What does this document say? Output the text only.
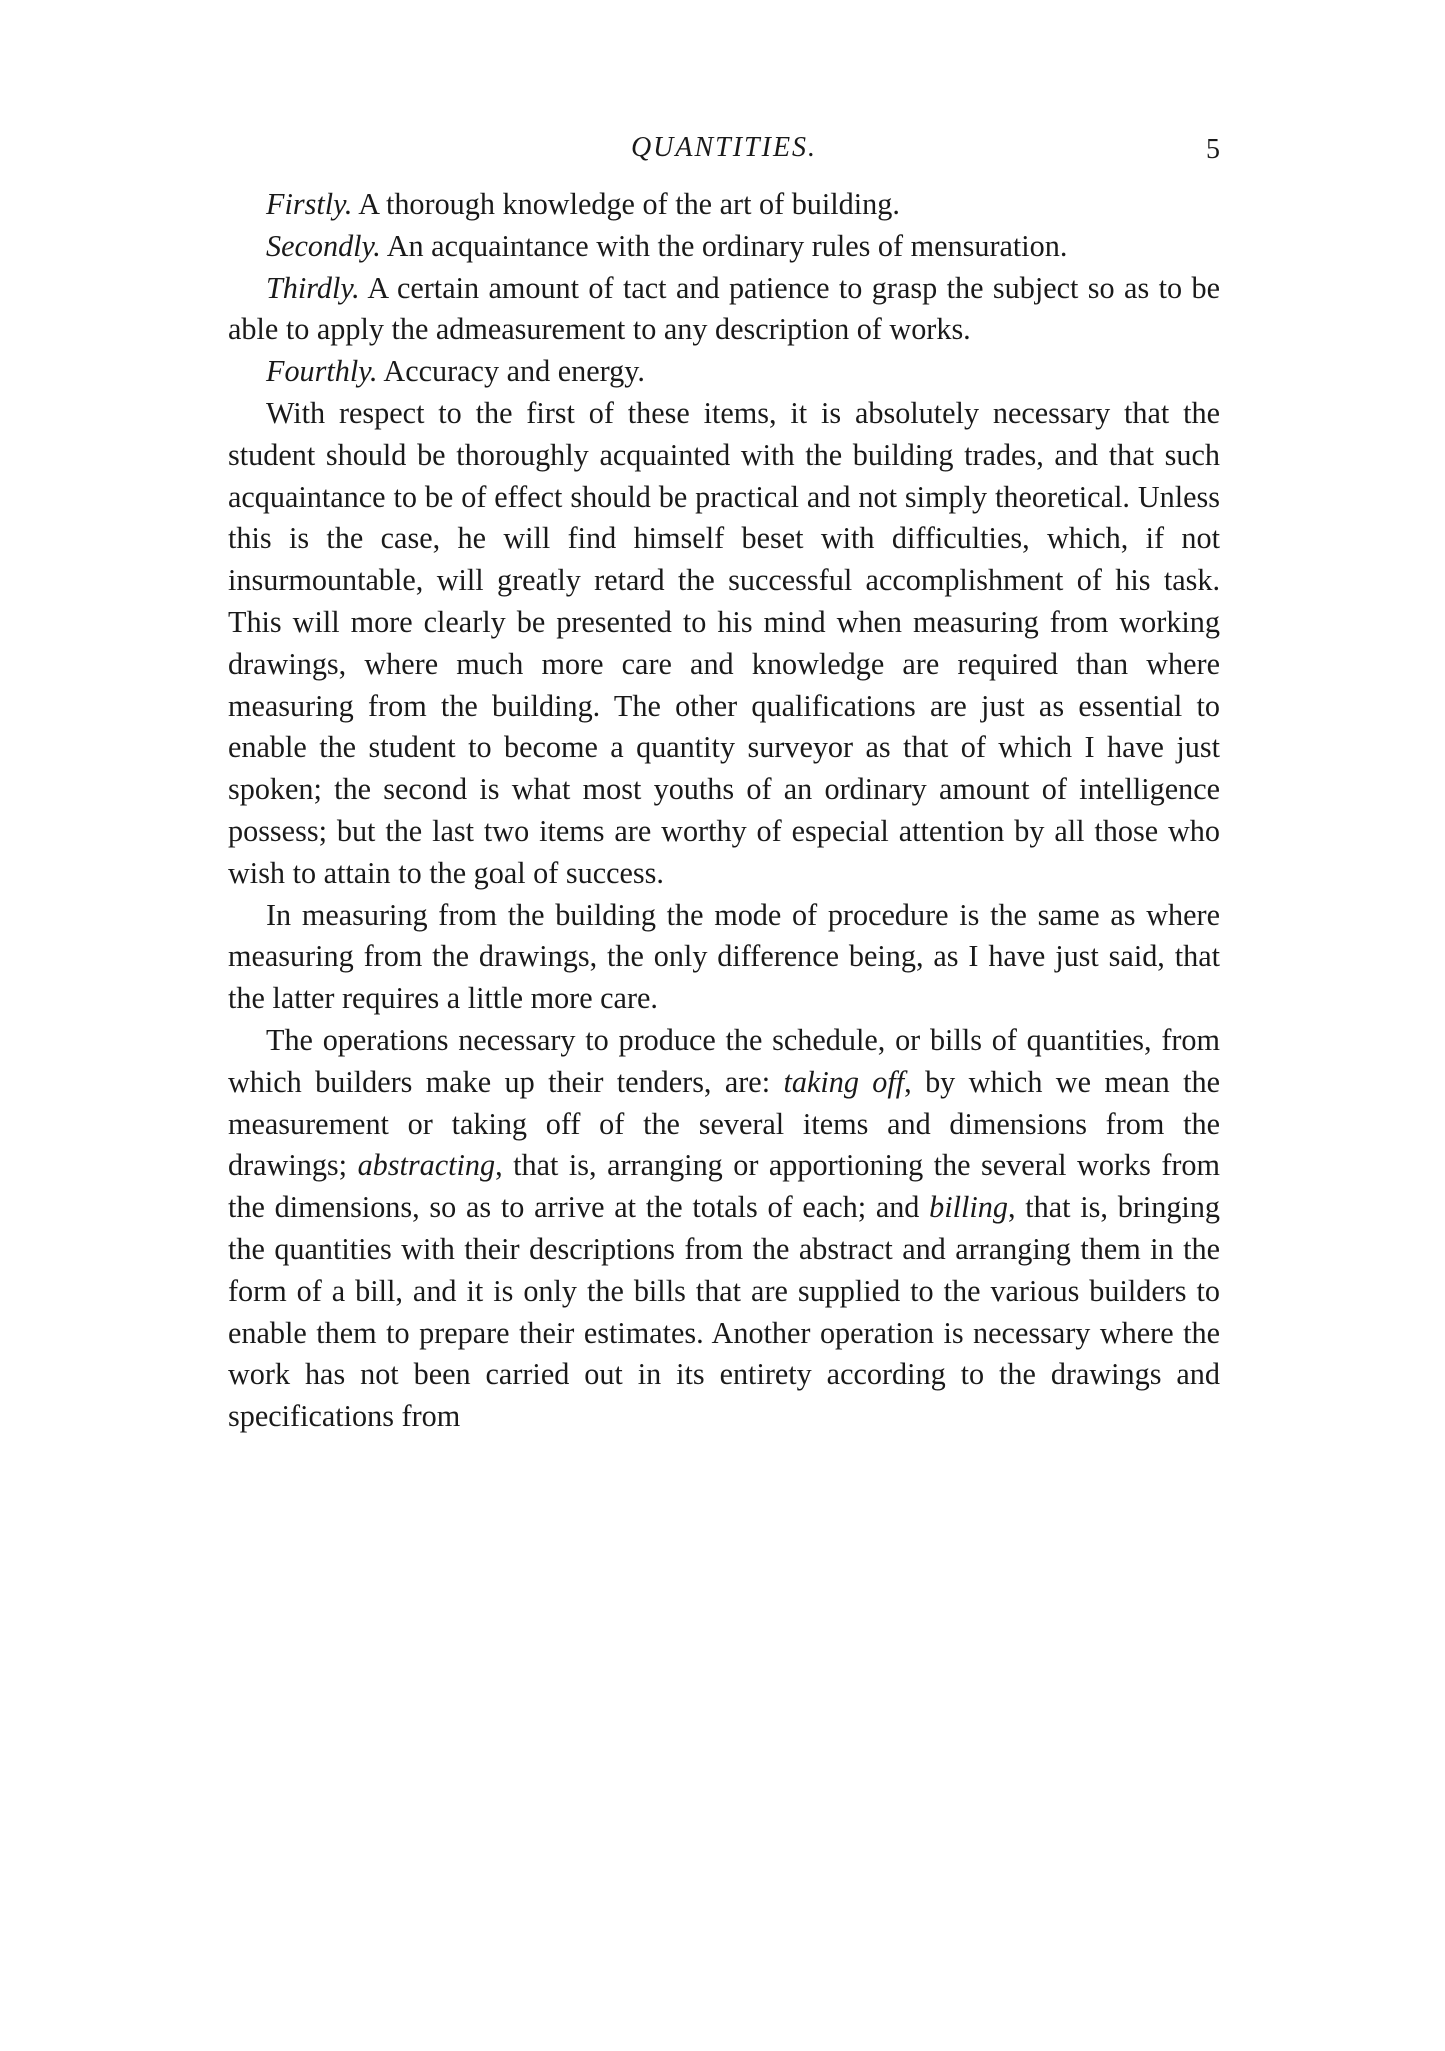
QUANTITIES.	5

Firstly. A thorough knowledge of the art of building.

Secondly. An acquaintance with the ordinary rules of mensuration.

Thirdly. A certain amount of tact and patience to grasp the subject so as to be able to apply the admeasurement to any description of works.

Fourthly. Accuracy and energy.

With respect to the first of these items, it is absolutely necessary that the student should be thoroughly acquainted with the building trades, and that such acquaintance to be of effect should be practical and not simply theoretical. Unless this is the case, he will find himself beset with difficulties, which, if not insurmountable, will greatly retard the successful accomplishment of his task. This will more clearly be presented to his mind when measuring from working drawings, where much more care and knowledge are required than where measuring from the building. The other qualifications are just as essential to enable the student to become a quantity surveyor as that of which I have just spoken; the second is what most youths of an ordinary amount of intelligence possess; but the last two items are worthy of especial attention by all those who wish to attain to the goal of success.

In measuring from the building the mode of procedure is the same as where measuring from the drawings, the only difference being, as I have just said, that the latter requires a little more care.

The operations necessary to produce the schedule, or bills of quantities, from which builders make up their tenders, are: taking off, by which we mean the measurement or taking off of the several items and dimensions from the drawings; abstracting, that is, arranging or apportioning the several works from the dimensions, so as to arrive at the totals of each; and billing, that is, bringing the quantities with their descriptions from the abstract and arranging them in the form of a bill, and it is only the bills that are supplied to the various builders to enable them to prepare their estimates. Another operation is necessary where the work has not been carried out in its entirety according to the drawings and specifications from
